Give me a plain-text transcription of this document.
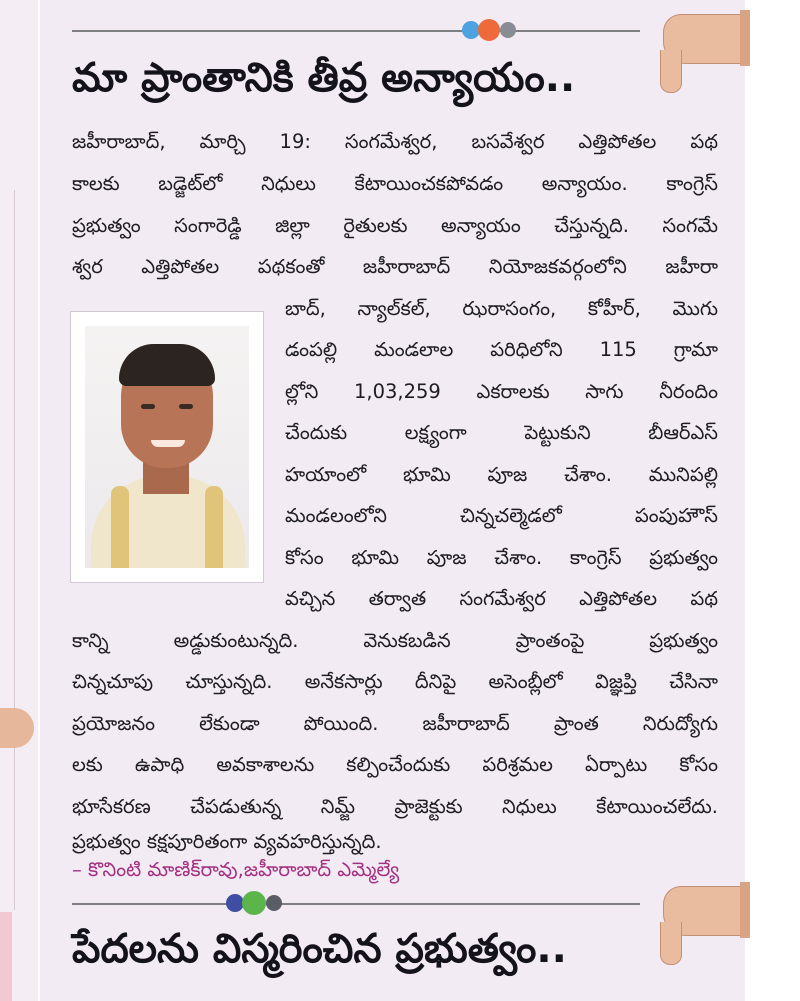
మా ప్రాంతానికి తీవ్ర అన్యాయం..
జహీరాబాద్, మార్చి 19: సంగమేశ్వర, బసవేశ్వర ఎత్తిపోతల పథ
కాలకు బడ్జెట్‌లో నిధులు కేటాయించకపోవడం అన్యాయం. కాంగ్రెస్
ప్రభుత్వం సంగారెడ్డి జిల్లా రైతులకు అన్యాయం చేస్తున్నది. సంగమే
శ్వర ఎత్తిపోతల పథకంతో జహీరాబాద్ నియోజకవర్గంలోని జహీరా
బాద్, న్యాల్‌కల్, ఝరాసంగం, కోహీర్, మొగు
డంపల్లి మండలాల పరిధిలోని 115 గ్రామా
ల్లోని 1,03,259 ఎకరాలకు సాగు నీరందిం
చేందుకు లక్ష్యంగా పెట్టుకుని బీఆర్‌ఎస్
హయాంలో భూమి పూజ చేశాం. మునిపల్లి
మండలంలోని చిన్నచల్మెడలో పంపుహౌస్
కోసం భూమి పూజ చేశాం. కాంగ్రెస్ ప్రభుత్వం
వచ్చిన తర్వాత సంగమేశ్వర ఎత్తిపోతల పథ
కాన్ని అడ్డుకుంటున్నది. వెనుకబడిన ప్రాంతంపై ప్రభుత్వం
చిన్నచూపు చూస్తున్నది. అనేకసార్లు దీనిపై అసెంబ్లీలో విజ్ఞప్తి చేసినా
ప్రయోజనం లేకుండా పోయింది. జహీరాబాద్ ప్రాంత నిరుద్యోగు
లకు ఉపాధి అవకాశాలను కల్పించేందుకు పరిశ్రమల ఏర్పాటు కోసం
భూసేకరణ చేపడుతున్న నిమ్జ్ ప్రాజెక్టుకు నిధులు కేటాయించలేదు.
ప్రభుత్వం కక్షపూరితంగా వ్యవహరిస్తున్నది.
– కొనింటి మాణిక్‌రావు,జహీరాబాద్ ఎమ్మెల్యే
పేదలను విస్మరించిన ప్రభుత్వం..
